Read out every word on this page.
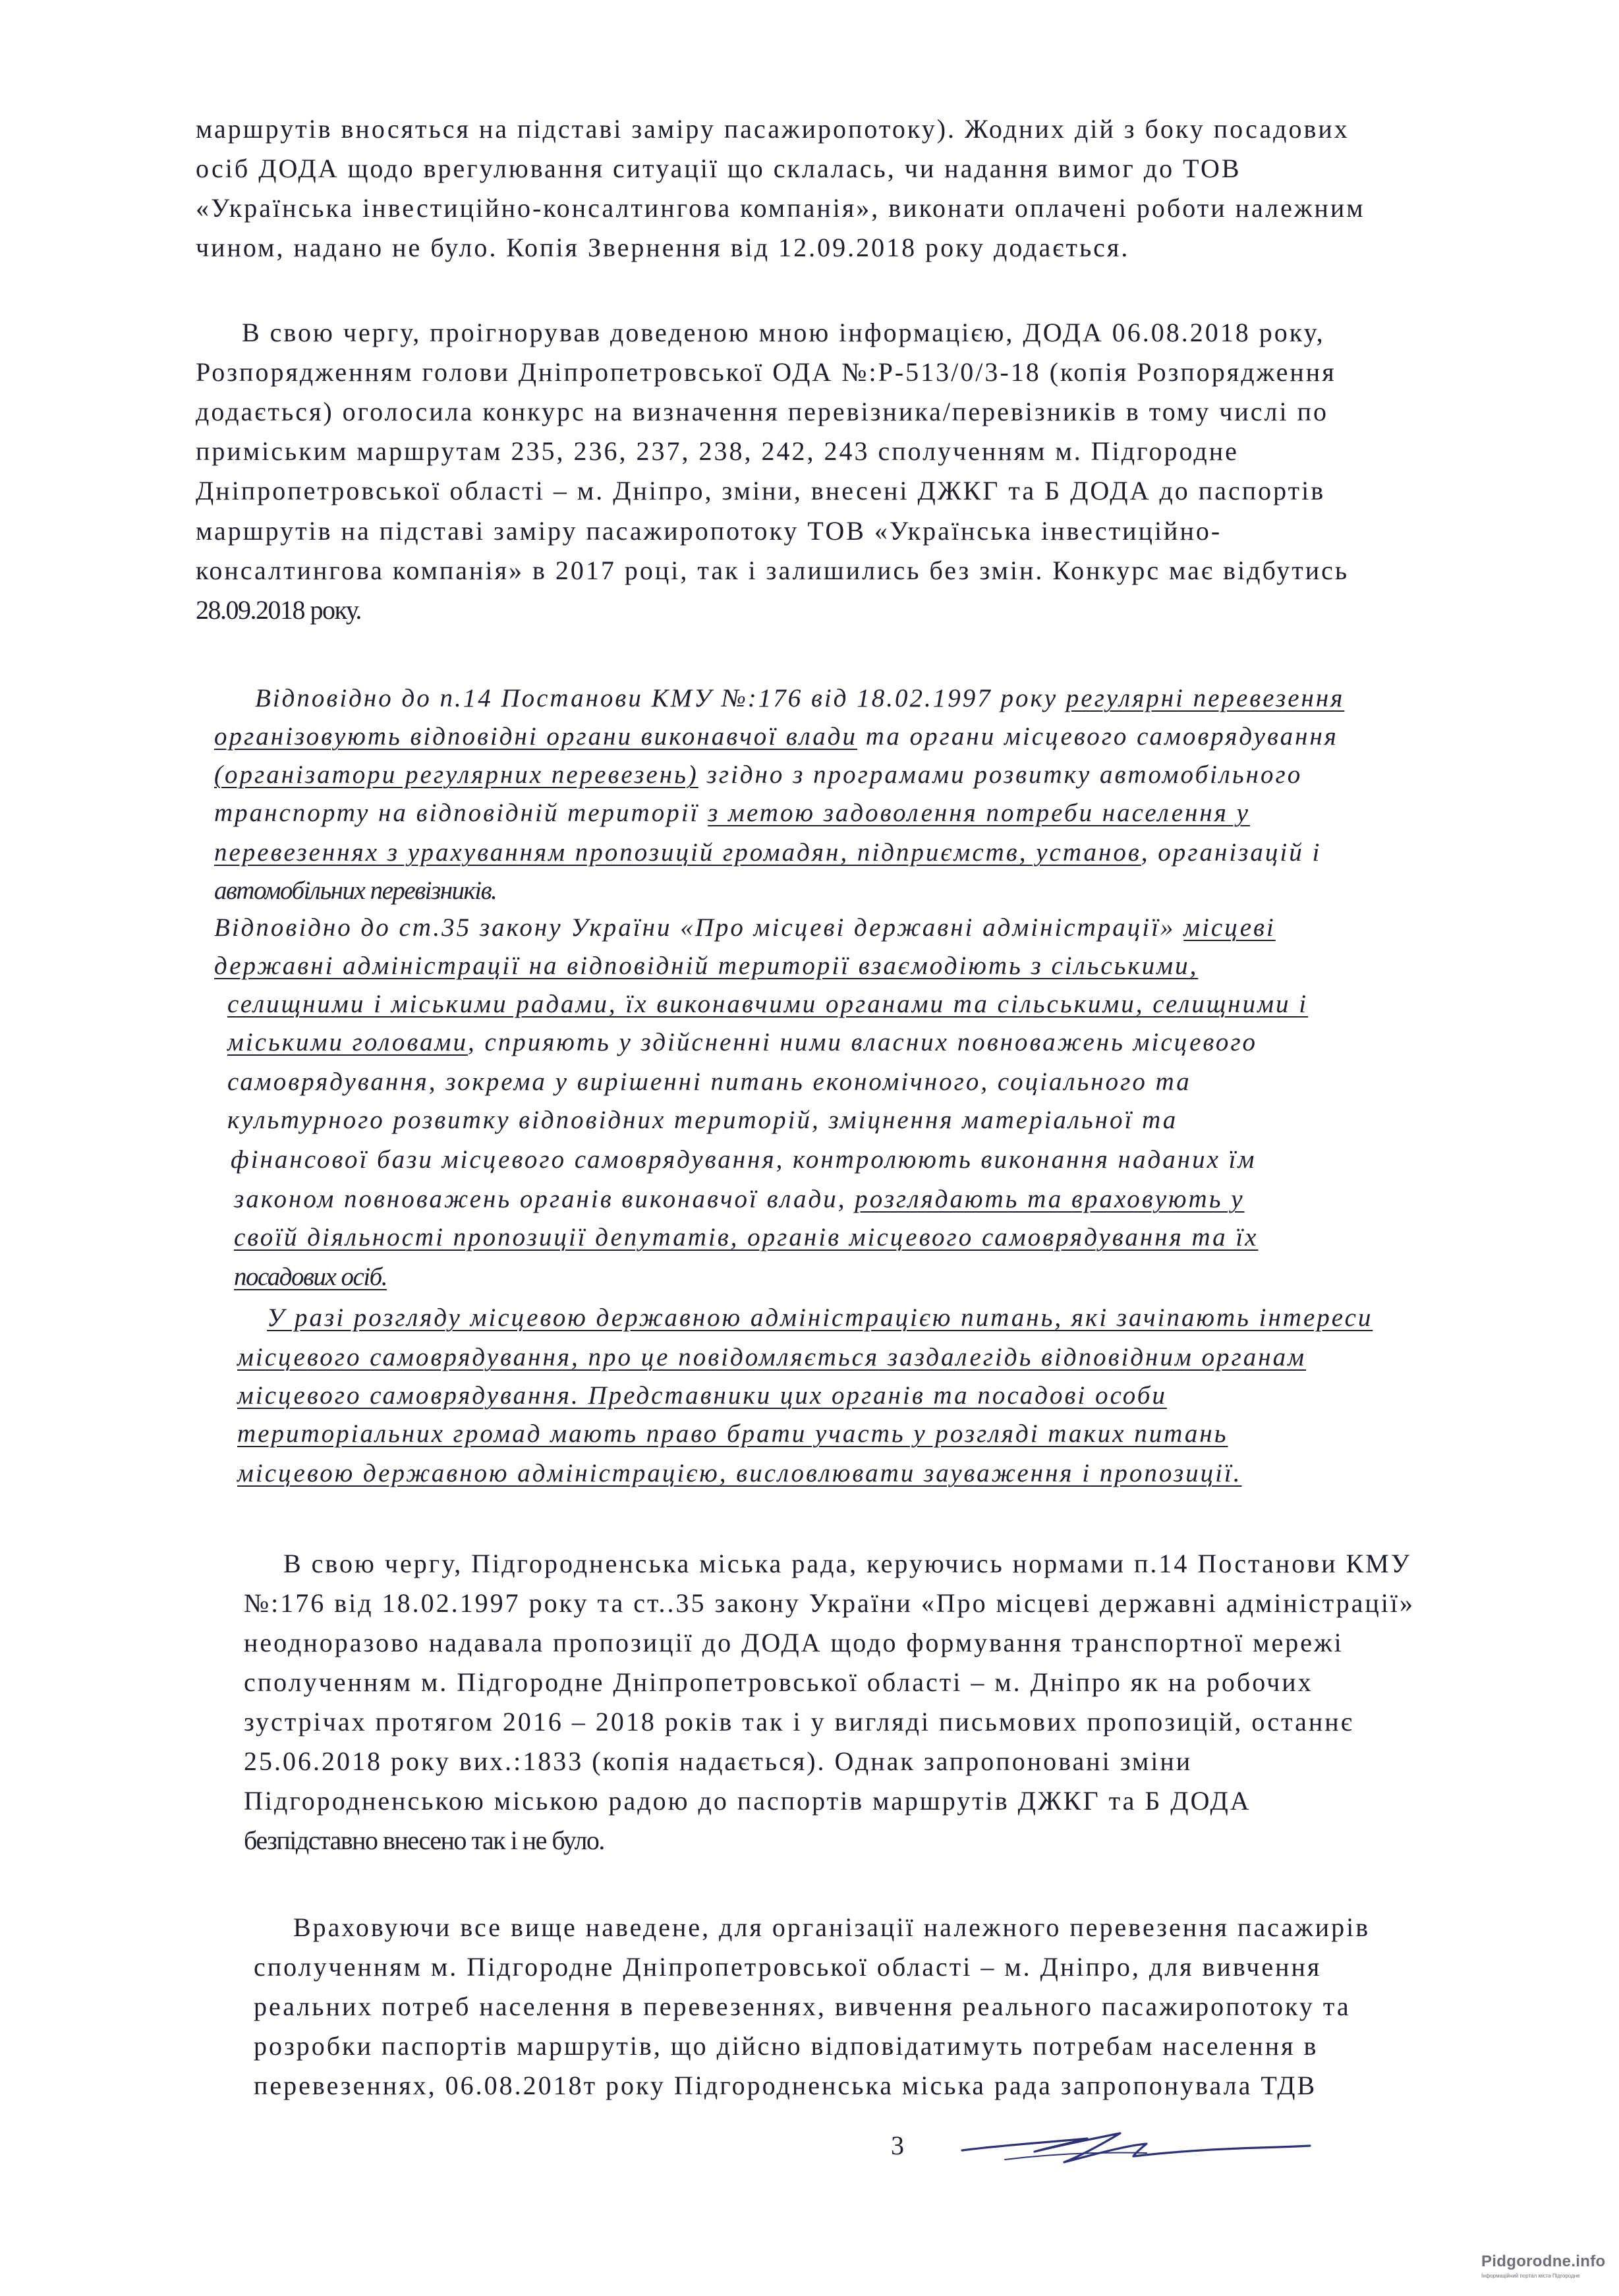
маршрутів вносяться на підставі заміру пасажиропотоку). Жодних дій з боку посадових
осіб ДОДА щодо врегулювання ситуації що склалась, чи надання вимог до ТОВ
«Українська інвестиційно-консалтингова компанія», виконати оплачені роботи належним
чином, надано не було. Копія Звернення від 12.09.2018 року додається.
В свою чергу, проігнорував доведеною мною інформацією, ДОДА 06.08.2018 року,
Розпорядженням голови Дніпропетровської ОДА №:Р-513/0/3-18 (копія Розпорядження
додається) оголосила конкурс на визначення перевізника/перевізників в тому числі по
приміським маршрутам 235, 236, 237, 238, 242, 243 сполученням м. Підгородне
Дніпропетровської області – м. Дніпро, зміни, внесені ДЖКГ та Б ДОДА до паспортів
маршрутів на підставі заміру пасажиропотоку ТОВ «Українська інвестиційно-
консалтингова компанія» в 2017 році, так і залишились без змін. Конкурс має відбутись
28.09.2018 року.
Відповідно до п.14 Постанови КМУ №:176 від 18.02.1997 року регулярні перевезення
організовують відповідні органи виконавчої влади та органи місцевого самоврядування
(організатори регулярних перевезень) згідно з програмами розвитку автомобільного
транспорту на відповідній території з метою задоволення потреби населення у
перевезеннях з урахуванням пропозицій громадян, підприємств, установ, організацій і
автомобільних перевізників.
Відповідно до ст.35 закону України «Про місцеві державні адміністрації» місцеві
державні адміністрації на відповідній території взаємодіють з сільськими,
селищними і міськими радами, їх виконавчими органами та сільськими, селищними і
міськими головами, сприяють у здійсненні ними власних повноважень місцевого
самоврядування, зокрема у вирішенні питань економічного, соціального та
культурного розвитку відповідних територій, зміцнення матеріальної та
фінансової бази місцевого самоврядування, контролюють виконання наданих їм
законом повноважень органів виконавчої влади, розглядають та враховують у
своїй діяльності пропозиції депутатів, органів місцевого самоврядування та їх
посадових осіб.
У разі розгляду місцевою державною адміністрацією питань, які зачіпають інтереси
місцевого самоврядування, про це повідомляється заздалегідь відповідним органам
місцевого самоврядування. Представники цих органів та посадові особи
територіальних громад мають право брати участь у розгляді таких питань
місцевою державною адміністрацією, висловлювати зауваження і пропозиції.
В свою чергу, Підгородненська міська рада, керуючись нормами п.14 Постанови КМУ
№:176 від 18.02.1997 року та ст..35 закону України «Про місцеві державні адміністрації»
неодноразово надавала пропозиції до ДОДА щодо формування транспортної мережі
сполученням м. Підгородне Дніпропетровської області – м. Дніпро як на робочих
зустрічах протягом 2016 – 2018 років так і у вигляді письмових пропозицій, останнє
25.06.2018 року вих.:1833 (копія надається). Однак запропоновані зміни
Підгородненською міською радою до паспортів маршрутів ДЖКГ та Б ДОДА
безпідставно внесено так і не було.
Враховуючи все вище наведене, для організації належного перевезення пасажирів
сполученням м. Підгородне Дніпропетровської області – м. Дніпро, для вивчення
реальних потреб населення в перевезеннях, вивчення реального пасажиропотоку та
розробки паспортів маршрутів, що дійсно відповідатимуть потребам населення в
перевезеннях, 06.08.2018т року Підгородненська міська рада запропонувала ТДВ
3
Pidgorodne.info
Інформаційний портал міста Підгородне
